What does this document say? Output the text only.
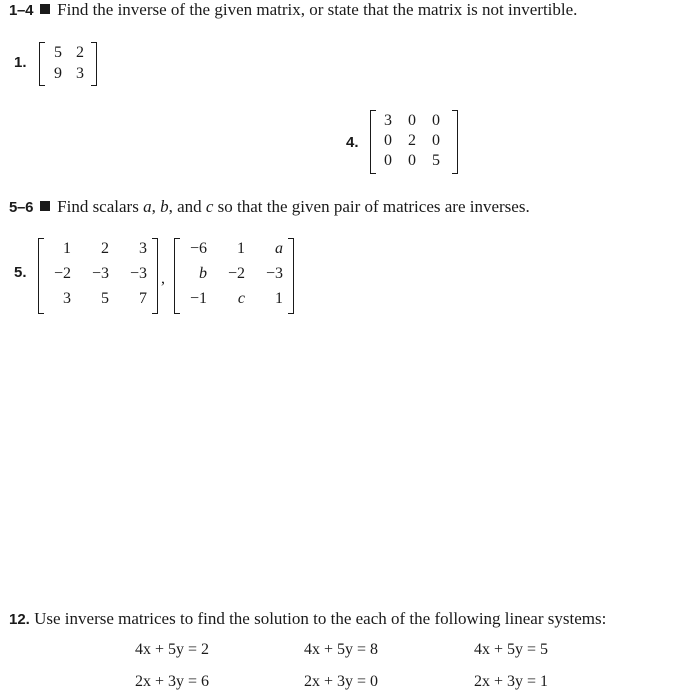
1–4 Find the inverse of the given matrix, or state that the matrix is not invertible.
1.
5 2
9 3
4.
3 0 0
0 2 0
0 0 5
5–6 Find scalars a, b, and c so that the given pair of matrices are inverses.
5.
1	2	3
−2	−3	−3
3	5	7
,
−6	1	a
b	−2	−3
−1	c	1
12. Use inverse matrices to find the solution to the each of the following linear systems:
4x + 5y = 2
2x + 3y = 6
4x + 5y = 8
2x + 3y = 0
4x + 5y = 5
2x + 3y = 1
